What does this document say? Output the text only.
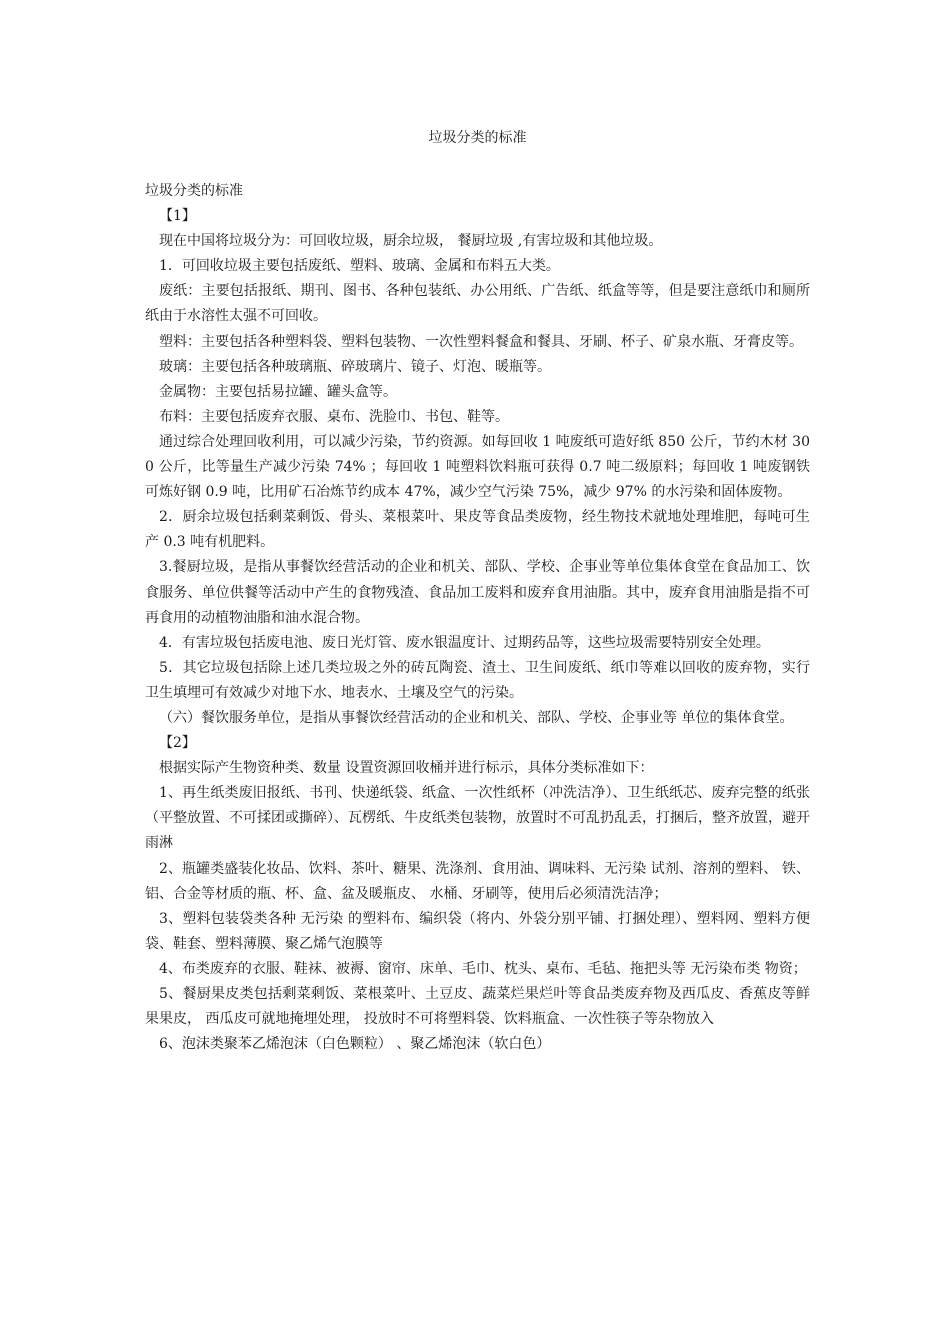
垃圾分类的标准

垃圾分类的标准

【1】

现在中国将垃圾分为：可回收垃圾，厨余垃圾， 餐厨垃圾 ,有害垃圾和其他垃圾。

1．可回收垃圾主要包括废纸、塑料、玻璃、金属和布料五大类。

废纸：主要包括报纸、期刊、图书、各种包装纸、办公用纸、广告纸、纸盒等等，但是要注意纸巾和厕所纸由于水溶性太强不可回收。

塑料：主要包括各种塑料袋、塑料包装物、一次性塑料餐盒和餐具、牙刷、杯子、矿泉水瓶、牙膏皮等。

玻璃：主要包括各种玻璃瓶、碎玻璃片、镜子、灯泡、暖瓶等。

金属物：主要包括易拉罐、罐头盒等。

布料：主要包括废弃衣服、桌布、洗脸巾、书包、鞋等。

通过综合处理回收利用，可以减少污染，节约资源。如每回收 1 吨废纸可造好纸 850 公斤，节约木材 300 公斤，比等量生产减少污染 74% ；每回收 1 吨塑料饮料瓶可获得 0.7 吨二级原料；每回收 1 吨废钢铁可炼好钢 0.9 吨，比用矿石冶炼节约成本 47%，减少空气污染 75%，减少 97% 的水污染和固体废物。

2．厨余垃圾包括剩菜剩饭、骨头、菜根菜叶、果皮等食品类废物，经生物技术就地处理堆肥，每吨可生产 0.3 吨有机肥料。

3.餐厨垃圾，是指从事餐饮经营活动的企业和机关、部队、学校、企事业等单位集体食堂在食品加工、饮食服务、单位供餐等活动中产生的食物残渣、食品加工废料和废弃食用油脂。其中，废弃食用油脂是指不可再食用的动植物油脂和油水混合物。

4．有害垃圾包括废电池、废日光灯管、废水银温度计、过期药品等，这些垃圾需要特别安全处理。

5．其它垃圾包括除上述几类垃圾之外的砖瓦陶瓷、渣土、卫生间废纸、纸巾等难以回收的废弃物，实行卫生填埋可有效减少对地下水、地表水、土壤及空气的污染。

（六）餐饮服务单位，是指从事餐饮经营活动的企业和机关、部队、学校、企事业等 单位的集体食堂。

【2】

根据实际产生物资种类、数量 设置资源回收桶并进行标示，具体分类标准如下：

1、再生纸类废旧报纸、书刊、快递纸袋、纸盒、一次性纸杯（冲洗洁净）、卫生纸纸芯、废弃完整的纸张（平整放置、不可揉团或撕碎）、瓦楞纸、牛皮纸类包装物，放置时不可乱扔乱丢，打捆后，整齐放置，避开雨淋

2、瓶罐类盛装化妆品、饮料、茶叶、糖果、洗涤剂、食用油、调味料、无污染 试剂、溶剂的塑料、 铁、铝、合金等材质的瓶、杯、盒、盆及暖瓶皮、 水桶、牙刷等，使用后必须清洗洁净；

3、塑料包装袋类各种 无污染 的塑料布、编织袋（将内、外袋分别平铺、打捆处理）、塑料网、塑料方便袋、鞋套、塑料薄膜、聚乙烯气泡膜等

4、布类废弃的衣服、鞋袜、被褥、窗帘、床单、毛巾、枕头、桌布、毛毡、拖把头等 无污染布类 物资；

5、餐厨果皮类包括剩菜剩饭、菜根菜叶、土豆皮、蔬菜烂果烂叶等食品类废弃物及西瓜皮、香蕉皮等鲜果果皮， 西瓜皮可就地掩埋处理， 投放时不可将塑料袋、饮料瓶盒、一次性筷子等杂物放入

6、泡沫类聚苯乙烯泡沫（白色颗粒） 、聚乙烯泡沫（软白色）
